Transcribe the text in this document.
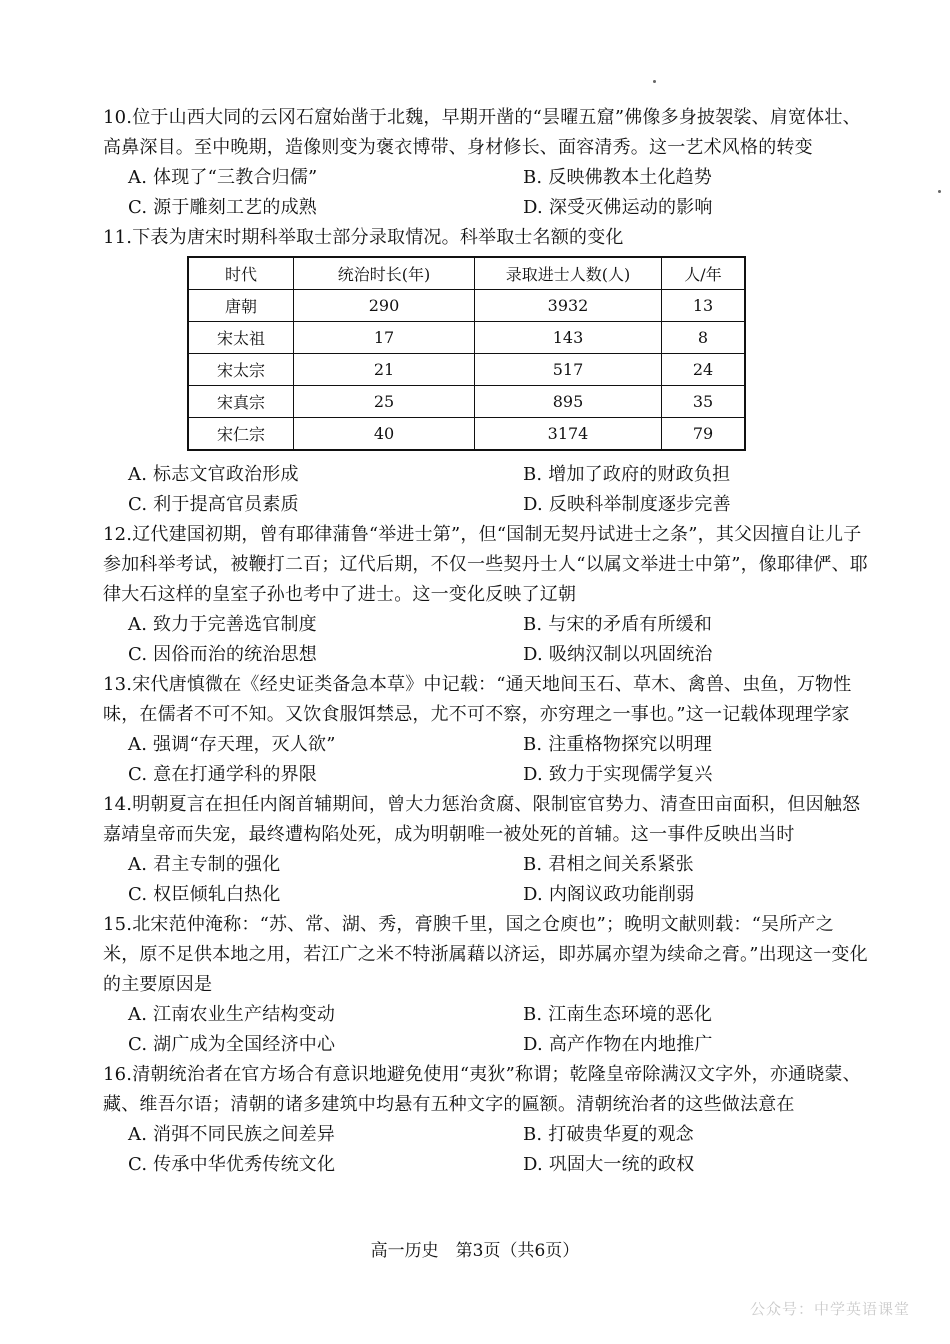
10.位于山西大同的云冈石窟始凿于北魏，早期开凿的“昙曜五窟”佛像多身披袈裟、肩宽体壮、高鼻深目。至中晚期，造像则变为褒衣博带、身材修长、面容清秀。这一艺术风格的转变
A. 体现了“三教合归儒”	B. 反映佛教本土化趋势
C. 源于雕刻工艺的成熟	D. 深受灭佛运动的影响
11.下表为唐宋时期科举取士部分录取情况。科举取士名额的变化
时代	统治时长(年)	录取进士人数(人)	人/年
唐朝	290	3932	13
宋太祖	17	143	8
宋太宗	21	517	24
宋真宗	25	895	35
宋仁宗	40	3174	79
A. 标志文官政治形成	B. 增加了政府的财政负担
C. 利于提高官员素质	D. 反映科举制度逐步完善
12.辽代建国初期，曾有耶律蒲鲁“举进士第”，但“国制无契丹试进士之条”，其父因擅自让儿子参加科举考试，被鞭打二百；辽代后期，不仅一些契丹士人“以属文举进士中第”，像耶律俨、耶律大石这样的皇室子孙也考中了进士。这一变化反映了辽朝
A. 致力于完善选官制度	B. 与宋的矛盾有所缓和
C. 因俗而治的统治思想	D. 吸纳汉制以巩固统治
13.宋代唐慎微在《经史证类备急本草》中记载：“通天地间玉石、草木、禽兽、虫鱼，万物性味，在儒者不可不知。又饮食服饵禁忌，尤不可不察，亦穷理之一事也。”这一记载体现理学家
A. 强调“存天理，灭人欲”	B. 注重格物探究以明理
C. 意在打通学科的界限	D. 致力于实现儒学复兴
14.明朝夏言在担任内阁首辅期间，曾大力惩治贪腐、限制宦官势力、清查田亩面积，但因触怒嘉靖皇帝而失宠，最终遭构陷处死，成为明朝唯一被处死的首辅。这一事件反映出当时
A. 君主专制的强化	B. 君相之间关系紧张
C. 权臣倾轧白热化	D. 内阁议政功能削弱
15.北宋范仲淹称：“苏、常、湖、秀，膏腴千里，国之仓庾也”；晚明文献则载：“吴所产之米，原不足供本地之用，若江广之米不特浙属藉以济运，即苏属亦望为续命之膏。”出现这一变化的主要原因是
A. 江南农业生产结构变动	B. 江南生态环境的恶化
C. 湖广成为全国经济中心	D. 高产作物在内地推广
16.清朝统治者在官方场合有意识地避免使用“夷狄”称谓；乾隆皇帝除满汉文字外，亦通晓蒙、藏、维吾尔语；清朝的诸多建筑中均悬有五种文字的匾额。清朝统治者的这些做法意在
A. 消弭不同民族之间差异	B. 打破贵华夏的观念
C. 传承中华优秀传统文化	D. 巩固大一统的政权
高一历史　第3页（共6页）
公众号：中学英语课堂
